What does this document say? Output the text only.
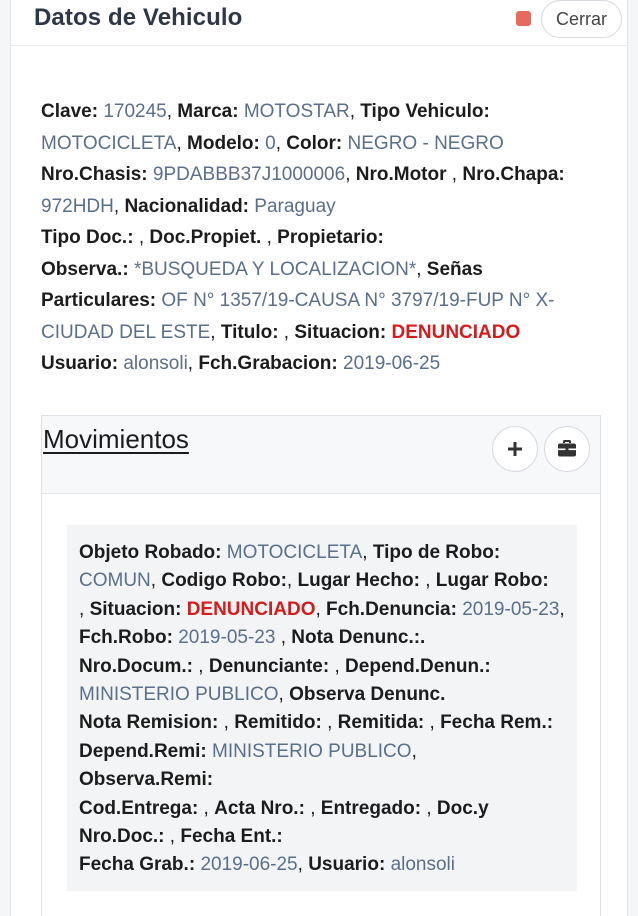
Datos de Vehiculo	Cerrar
Clave: 170245, Marca: MOTOSTAR, Tipo Vehiculo:
MOTOCICLETA, Modelo: 0, Color: NEGRO - NEGRO
Nro.Chasis: 9PDABBB37J1000006, Nro.Motor , Nro.Chapa:
972HDH, Nacionalidad: Paraguay
Tipo Doc.: , Doc.Propiet. , Propietario:
Observa.: *BUSQUEDA Y LOCALIZACION*, Señas
Particulares: OF N° 1357/19-CAUSA N° 3797/19-FUP N° X-CIUDAD DEL ESTE, Titulo: , Situacion: DENUNCIADO
Usuario: alonsoli, Fch.Grabacion: 2019-06-25
Movimientos
Objeto Robado: MOTOCICLETA, Tipo de Robo:
COMUN, Codigo Robo:, Lugar Hecho: , Lugar Robo:
, Situacion: DENUNCIADO, Fch.Denuncia: 2019-05-23, Fch.Robo: 2019-05-23 , Nota Denunc.:.
Nro.Docum.: , Denunciante: , Depend.Denun.:
MINISTERIO PUBLICO, Observa Denunc.
Nota Remision: , Remitido: , Remitida: , Fecha Rem.: Depend.Remi: MINISTERIO PUBLICO,
Observa.Remi:
Cod.Entrega: , Acta Nro.: , Entregado: , Doc.y Nro.Doc.: , Fecha Ent.:
Fecha Grab.: 2019-06-25, Usuario: alonsoli
